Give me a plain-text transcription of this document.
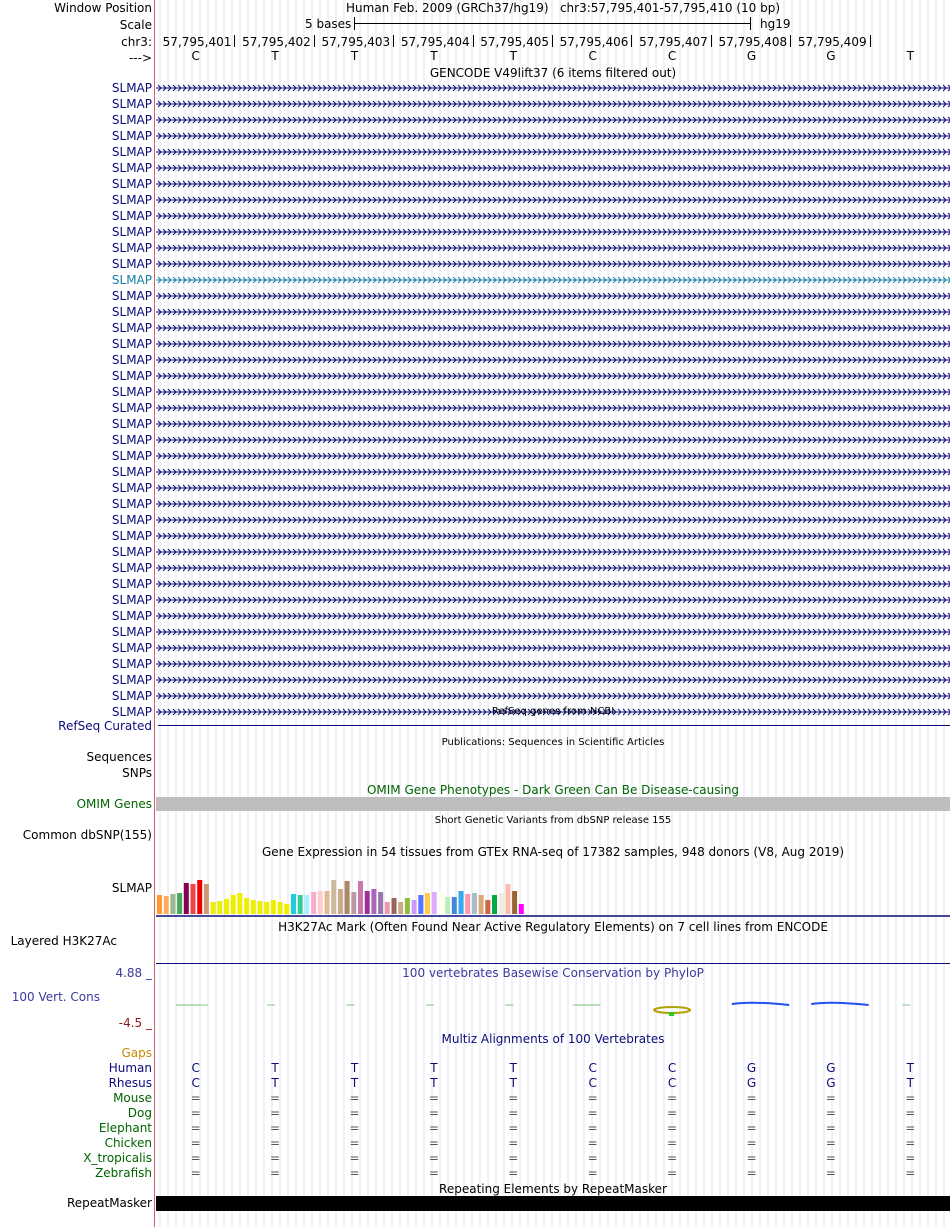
Window Position	Human Feb. 2009 (GRCh37/hg19)   chr3:57,795,401-57,795,410 (10 bp)
Scale	5 bases	hg19
chr3: 57,795,401 57,795,402 57,795,403 57,795,404 57,795,405 57,795,406 57,795,407 57,795,408 57,795,409
--->	C	T	T	T	T	C	C	G	G	T
GENCODE V49lift37 (6 items filtered out)
SLMAP
SLMAP
SLMAP
SLMAP
SLMAP
SLMAP
SLMAP
SLMAP
SLMAP
SLMAP
SLMAP
SLMAP
SLMAP
SLMAP
SLMAP
SLMAP
SLMAP
SLMAP
SLMAP
SLMAP
SLMAP
SLMAP
SLMAP
SLMAP
SLMAP
SLMAP
SLMAP
SLMAP
SLMAP
SLMAP
SLMAP
SLMAP
SLMAP
SLMAP
SLMAP
SLMAP
SLMAP
SLMAP
SLMAP
SLMAP	RefSeq genes from NCBI
RefSeq Curated
Publications: Sequences in Scientific Articles
Sequences
SNPs
OMIM Gene Phenotypes - Dark Green Can Be Disease-causing
OMIM Genes
Short Genetic Variants from dbSNP release 155
Common dbSNP(155)
Gene Expression in 54 tissues from GTEx RNA-seq of 17382 samples, 948 donors (V8, Aug 2019)
SLMAP
H3K27Ac Mark (Often Found Near Active Regulatory Elements) on 7 cell lines from ENCODE
Layered H3K27Ac
100 vertebrates Basewise Conservation by PhyloP
4.88 _
100 Vert. Cons
-4.5 _
Multiz Alignments of 100 Vertebrates
Gaps
Human	C	T	T	T	T	C	C	G	G	T
Rhesus	C	T	T	T	T	C	C	G	G	T
Mouse	=	=	=	=	=	=	=	=	=	=
Dog	=	=	=	=	=	=	=	=	=	=
Elephant	=	=	=	=	=	=	=	=	=	=
Chicken	=	=	=	=	=	=	=	=	=	=
X_tropicalis	=	=	=	=	=	=	=	=	=	=
Zebrafish	=	=	=	=	=	=	=	=	=	=
Repeating Elements by RepeatMasker
RepeatMasker
